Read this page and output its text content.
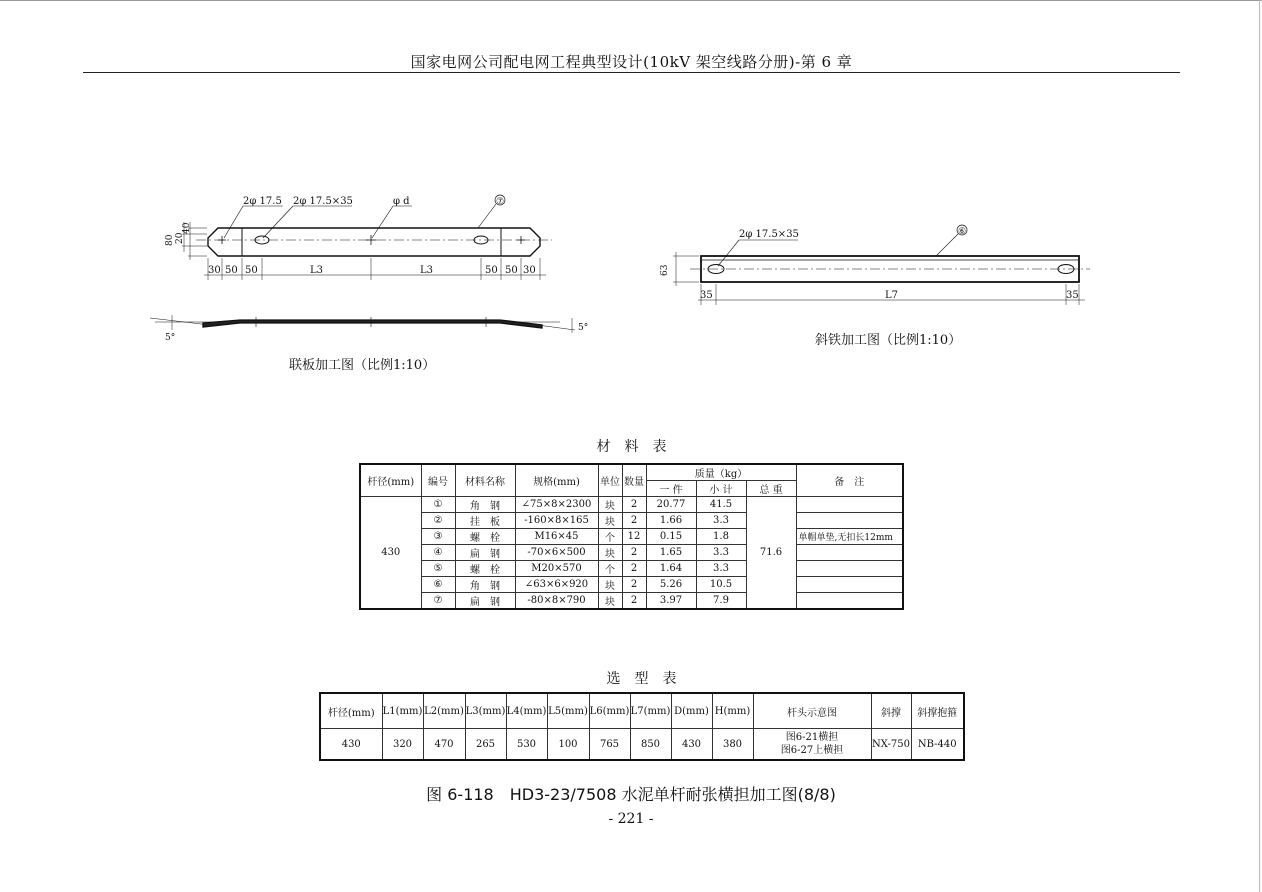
国家电网公司配电网工程典型设计(10kV 架空线路分册)-第 6 章
2φ 17.5 2φ 17.5×35	φ d	⑦
80 20
40
30 50 50	L3	L3	50 50 30
5°
5°
2φ 17.5×35	⑥
63
35	L7	35
联板加工图（比例1:10）
斜铁加工图（比例1:10）
材　料　表
杆径(mm)	编号	材料名称	规格(mm)	单位	数量	质量（kg）			备　注
						一 件	小 计	总 重	
430	①	角　钢	∠75×8×2300	块	2	20.77	41.5	71.6	
	②	挂　板	-160×8×165	块	2	1.66	3.3		
	③	螺　栓	M16×45	个	12	0.15	1.8		单帽单垫,无扣长12mm
	④	扁　钢	-70×6×500	块	2	1.65	3.3		
	⑤	螺　栓	M20×570	个	2	1.64	3.3		
	⑥	角　钢	∠63×6×920	块	2	5.26	10.5		
	⑦	扁　钢	-80×8×790	块	2	3.97	7.9		
选　型　表
杆径(mm)	L1(mm)	L2(mm)	L3(mm)	L4(mm)	L5(mm)	L6(mm)	L7(mm)	D(mm)	H(mm)	杆头示意图	斜撑	斜撑抱箍
430	320	470	265	530	100	765	850	430	380	图6-21横担
图6-27上横担	NX-750	NB-440
图 6-118　HD3-23/7508 水泥单杆耐张横担加工图(8/8)
- 221 -
